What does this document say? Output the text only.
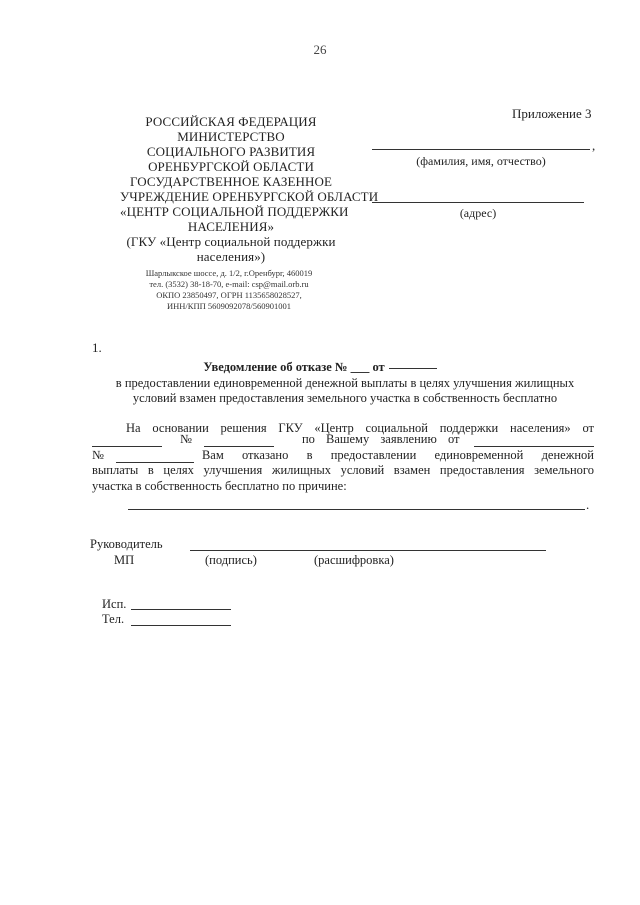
26
Приложение 3
РОССИЙСКАЯ ФЕДЕРАЦИЯ
МИНИСТЕРСТВО
СОЦИАЛЬНОГО РАЗВИТИЯ
ОРЕНБУРГСКОЙ ОБЛАСТИ
ГОСУДАРСТВЕННОЕ КАЗЕННОЕ
УЧРЕЖДЕНИЕ ОРЕНБУРГСКОЙ ОБЛАСТИ
«ЦЕНТР СОЦИАЛЬНОЙ ПОДДЕРЖКИ
НАСЕЛЕНИЯ»
(ГКУ «Центр социальной поддержки
населения»)
Шарлыкское шоссе, д. 1/2, г.Оренбург, 460019
тел. (3532) 38-18-70, e-mail: csp@mail.orb.ru
ОКПО 23850497, ОГРН 1135658028527,
ИНН/КПП 5609092078/560901001
,
(фамилия, имя, отчество)
(адрес)
1.
Уведомление об отказе № ___ от
в предоставлении единовременной денежной выплаты в целях улучшения жилищных
условий взамен предоставления земельного участка в собственность бесплатно
На основании решения ГКУ «Центр социальной поддержки населения» от
№	по Вашему заявлению от
№	Вам отказано в предоставлении единовременной денежной
выплаты в целях улучшения жилищных условий взамен предоставления земельного
участка в собственность бесплатно по причине:
.
Руководитель
МП	(подпись)	(расшифровка)
Исп.
Тел.
